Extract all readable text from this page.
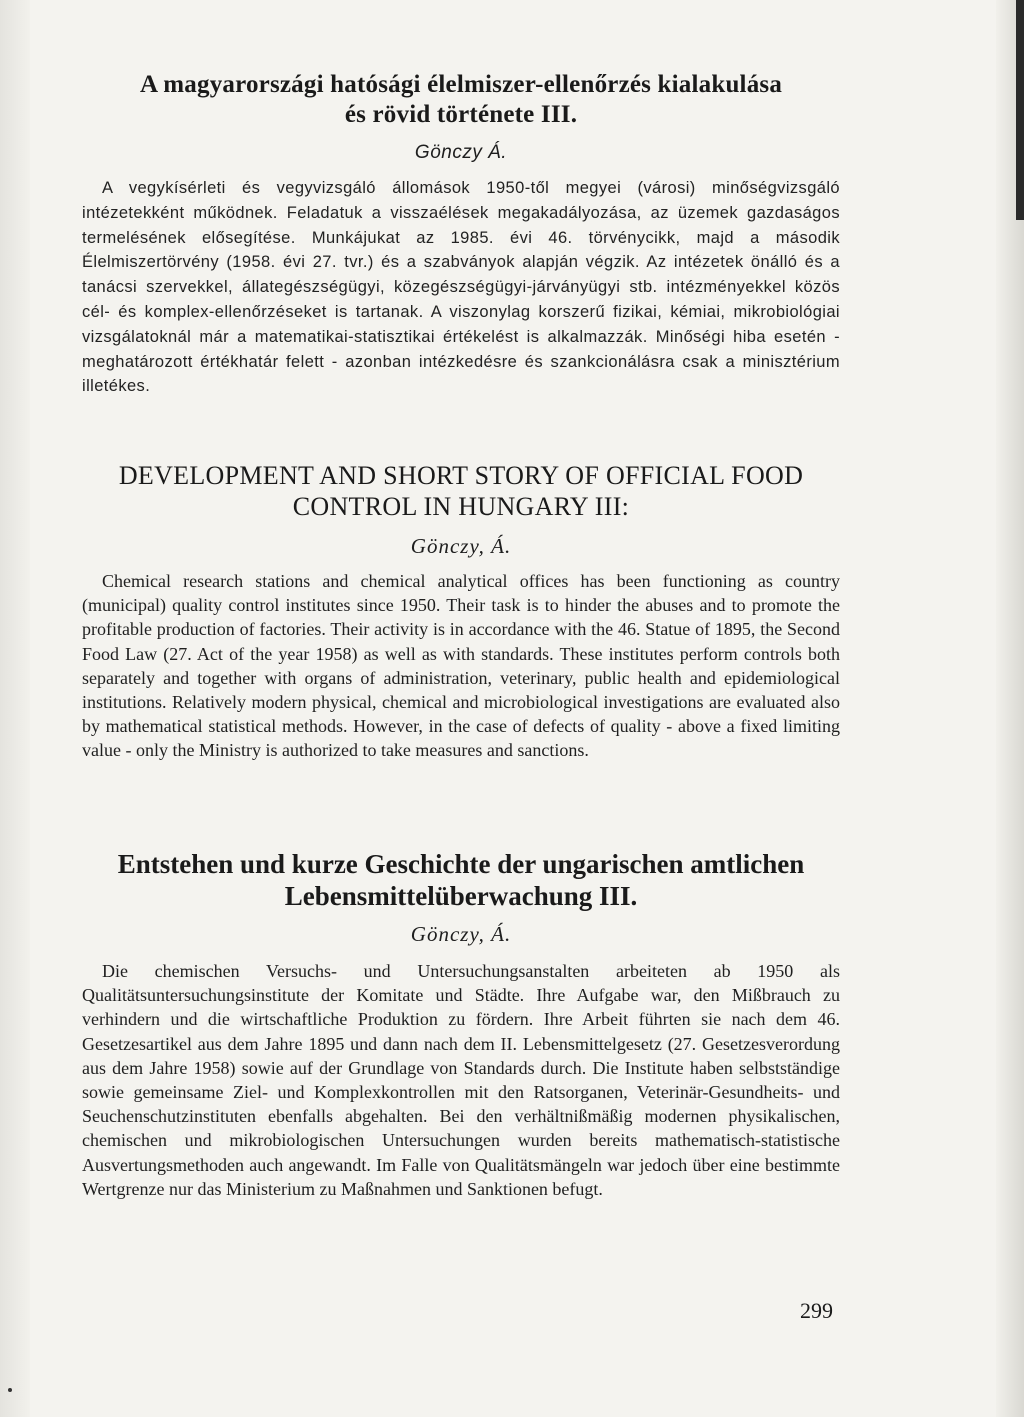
A magyarországi hatósági élelmiszer-ellenőrzés kialakulása
és rövid története III.
Gönczy Á.

A vegykísérleti és vegyvizsgáló állomások 1950-től megyei (városi) minőségvizsgáló intézetekként működnek. Feladatuk a visszaélések megakadályozása, az üzemek gazdaságos termelésének elősegítése. Munkájukat az 1985. évi 46. törvénycikk, majd a második Élelmiszertörvény (1958. évi 27. tvr.) és a szabványok alapján végzik. Az intézetek önálló és a tanácsi szervekkel, állategészségügyi, közegészségügyi-járványügyi stb. intézményekkel közös cél- és komplex-ellenőrzéseket is tartanak. A viszonylag korszerű fizikai, kémiai, mikrobiológiai vizsgálatoknál már a matematikai-statisztikai értékelést is alkalmazzák. Minőségi hiba esetén - meghatározott értékhatár felett - azonban intézkedésre és szankcionálásra csak a minisztérium illetékes.

DEVELOPMENT AND SHORT STORY OF OFFICIAL FOOD
CONTROL IN HUNGARY III:
Gönczy, Á.

Chemical research stations and chemical analytical offices has been functioning as country (municipal) quality control institutes since 1950. Their task is to hinder the abuses and to promote the profitable production of factories. Their activity is in accordance with the 46. Statue of 1895, the Second Food Law (27. Act of the year 1958) as well as with standards. These institutes perform controls both separately and together with organs of administration, veterinary, public health and epidemiological institutions. Relatively modern physical, chemical and microbiological investigations are evaluated also by mathematical statistical methods. However, in the case of defects of quality - above a fixed limiting value - only the Ministry is authorized to take measures and sanctions.

Entstehen und kurze Geschichte der ungarischen amtlichen
Lebensmittelüberwachung III.
Gönczy, Á.

Die chemischen Versuchs- und Untersuchungsanstalten arbeiteten ab 1950 als Qualitätsuntersuchungsinstitute der Komitate und Städte. Ihre Aufgabe war, den Mißbrauch zu verhindern und die wirtschaftliche Produktion zu fördern. Ihre Arbeit führten sie nach dem 46. Gesetzesartikel aus dem Jahre 1895 und dann nach dem II. Lebensmittelgesetz (27. Gesetzesverordung aus dem Jahre 1958) sowie auf der Grundlage von Standards durch. Die Institute haben selbstständige sowie gemeinsame Ziel- und Komplexkontrollen mit den Ratsorganen, Veterinär-Gesundheits- und Seuchenschutzinstituten ebenfalls abgehalten. Bei den verhältnißmäßig modernen physikalischen, chemischen und mikrobiologischen Untersuchungen wurden bereits mathematisch-statistische Ausvertungsmethoden auch angewandt. Im Falle von Qualitätsmängeln war jedoch über eine bestimmte Wertgrenze nur das Ministerium zu Maßnahmen und Sanktionen befugt.

299
